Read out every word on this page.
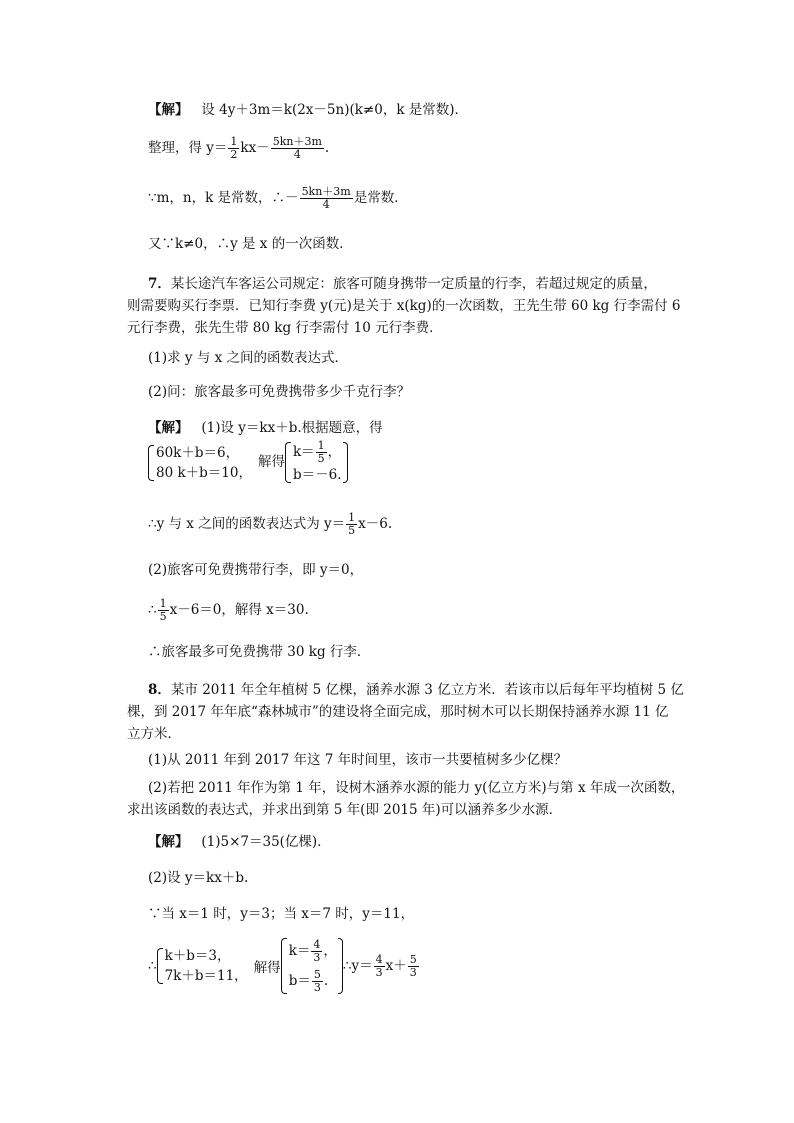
【解】 设 4y＋3m＝k(2x－5n)(k≠0，k 是常数)．
整理，得 $y= \frac{1}{2} kx- \frac{5kn+3m}{4}$ .
∵m，n，k 是常数，∴－ $\frac{5kn+3m}{4}$ 是常数．
又∵k≠0，∴y 是 x 的一次函数．
7．某长途汽车客运公司规定：旅客可随身携带一定质量的行李，若超过规定的质量，
则需要购买行李票．已知行李费 y(元)是关于 x(kg)的一次函数，王先生带 60 kg 行李需付 6
元行李费，张先生带 80 kg 行李需付 10 元行李费．
(1)求 y 与 x 之间的函数表达式．
(2)问：旅客最多可免费携带多少千克行李？
【解】 (1)设 y＝kx＋b.根据题意，得
60k＋b＝6，
80 k＋b＝10，
解得
$k= \frac{1}{5}$ ，
b＝－6.
∴y 与 x 之间的函数表达式为 $y= \frac{1}{5} x-6$.
(2)旅客可免费携带行李，即 y＝0，
∴ $\frac{1}{5} x-6=0$，解得 x＝30.
∴旅客最多可免费携带 30 kg 行李．
8．某市 2011 年全年植树 5 亿棵，涵养水源 3 亿立方米．若该市以后每年平均植树 5 亿
棵，到 2017 年年底“森林城市”的建设将全面完成，那时树木可以长期保持涵养水源 11 亿
立方米．
(1)从 2011 年到 2017 年这 7 年时间里，该市一共要植树多少亿棵？
(2)若把 2011 年作为第 1 年，设树木涵养水源的能力 y(亿立方米)与第 x 年成一次函数，
求出该函数的表达式，并求出到第 5 年(即 2015 年)可以涵养多少水源．
【解】 (1)5×7＝35(亿棵)．
(2)设 y＝kx＋b.
∵当 x＝1 时，y＝3；当 x＝7 时，y＝11，
∴
k＋b＝3，
7k＋b＝11， 解得
$k= \frac{4}{3}$ ，
$b= \frac{5}{3}$ .
∴y＝ $\frac{4}{3} x+ \frac{5}{3}$
